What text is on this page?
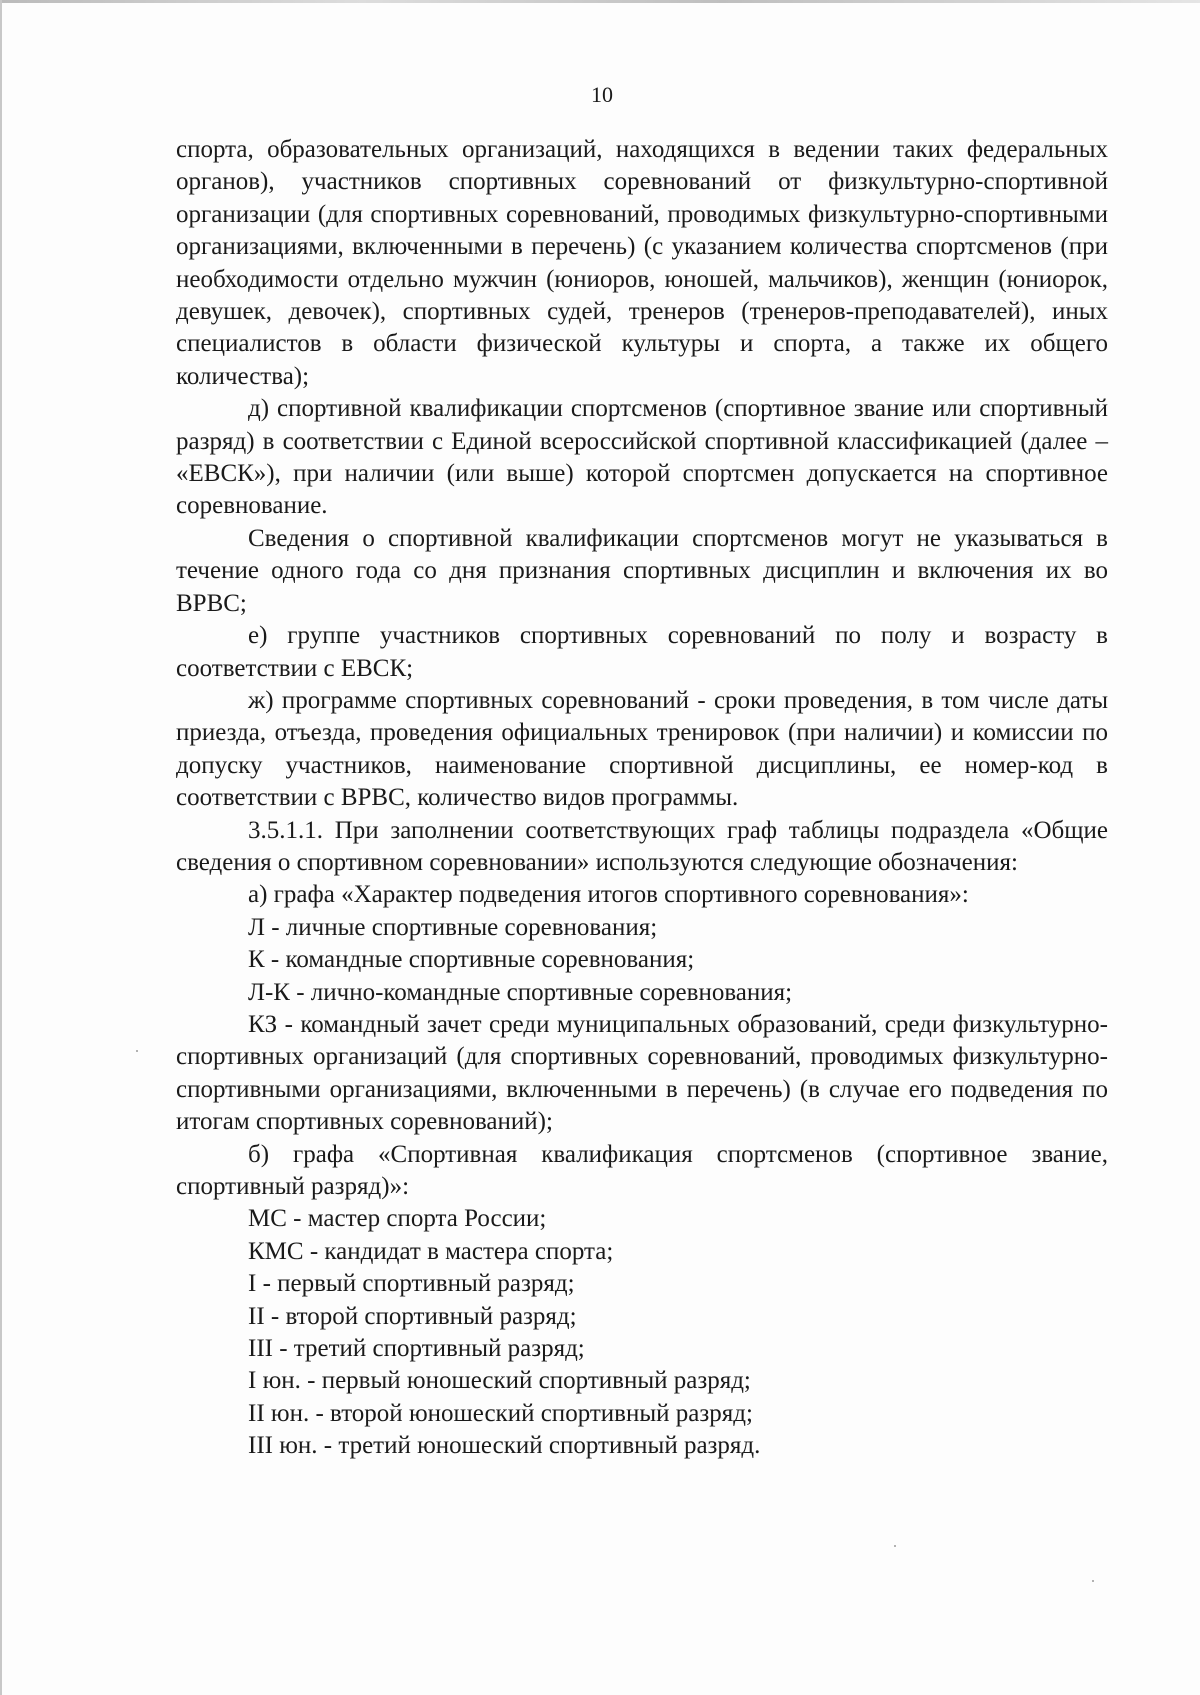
10

спорта, образовательных организаций, находящихся в ведении таких федеральных органов), участников спортивных соревнований от физкультурно-спортивной организации (для спортивных соревнований, проводимых физкультурно-спортивными организациями, включенными в перечень) (с указанием количества спортсменов (при необходимости отдельно мужчин (юниоров, юношей, мальчиков), женщин (юниорок, девушек, девочек), спортивных судей, тренеров (тренеров-преподавателей), иных специалистов в области физической культуры и спорта, а также их общего количества);

д) спортивной квалификации спортсменов (спортивное звание или спортивный разряд) в соответствии с Единой всероссийской спортивной классификацией (далее – «ЕВСК»), при наличии (или выше) которой спортсмен допускается на спортивное соревнование.

Сведения о спортивной квалификации спортсменов могут не указываться в течение одного года со дня признания спортивных дисциплин и включения их во ВРВС;

е) группе участников спортивных соревнований по полу и возрасту в соответствии с ЕВСК;

ж) программе спортивных соревнований - сроки проведения, в том числе даты приезда, отъезда, проведения официальных тренировок (при наличии) и комиссии по допуску участников, наименование спортивной дисциплины, ее номер-код в соответствии с ВРВС, количество видов программы.

3.5.1.1. При заполнении соответствующих граф таблицы подраздела «Общие сведения о спортивном соревновании» используются следующие обозначения:

а) графа «Характер подведения итогов спортивного соревнования»:

Л - личные спортивные соревнования;

К - командные спортивные соревнования;

Л-К - лично-командные спортивные соревнования;

КЗ - командный зачет среди муниципальных образований, среди физкультурно-спортивных организаций (для спортивных соревнований, проводимых физкультурно-спортивными организациями, включенными в перечень) (в случае его подведения по итогам спортивных соревнований);

б) графа «Спортивная квалификация спортсменов (спортивное звание, спортивный разряд)»:

МС - мастер спорта России;

КМС - кандидат в мастера спорта;

I - первый спортивный разряд;

II - второй спортивный разряд;

III - третий спортивный разряд;

I юн. - первый юношеский спортивный разряд;

II юн. - второй юношеский спортивный разряд;

III юн. - третий юношеский спортивный разряд.
